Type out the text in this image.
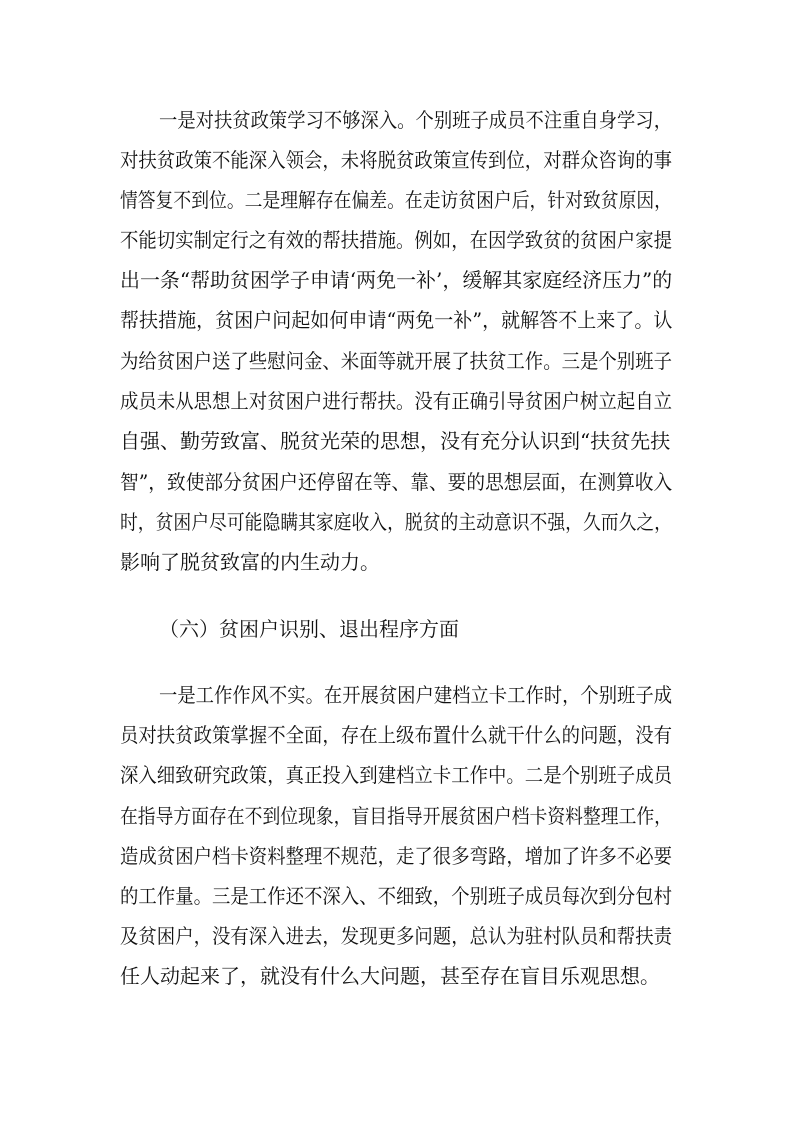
一是对扶贫政策学习不够深入。个别班子成员不注重自身学习，
对扶贫政策不能深入领会，未将脱贫政策宣传到位，对群众咨询的事
情答复不到位。二是理解存在偏差。在走访贫困户后，针对致贫原因，
不能切实制定行之有效的帮扶措施。例如，在因学致贫的贫困户家提
出一条“帮助贫困学子申请‘两免一补’，缓解其家庭经济压力”的
帮扶措施，贫困户问起如何申请“两免一补”，就解答不上来了。认
为给贫困户送了些慰问金、米面等就开展了扶贫工作。三是个别班子
成员未从思想上对贫困户进行帮扶。没有正确引导贫困户树立起自立
自强、勤劳致富、脱贫光荣的思想，没有充分认识到“扶贫先扶
智”，致使部分贫困户还停留在等、靠、要的思想层面，在测算收入
时，贫困户尽可能隐瞒其家庭收入，脱贫的主动意识不强，久而久之，
影响了脱贫致富的内生动力。
（六）贫困户识别、退出程序方面
一是工作作风不实。在开展贫困户建档立卡工作时，个别班子成
员对扶贫政策掌握不全面，存在上级布置什么就干什么的问题，没有
深入细致研究政策，真正投入到建档立卡工作中。二是个别班子成员
在指导方面存在不到位现象，盲目指导开展贫困户档卡资料整理工作，
造成贫困户档卡资料整理不规范，走了很多弯路，增加了许多不必要
的工作量。三是工作还不深入、不细致，个别班子成员每次到分包村
及贫困户，没有深入进去，发现更多问题，总认为驻村队员和帮扶责
任人动起来了，就没有什么大问题，甚至存在盲目乐观思想。
